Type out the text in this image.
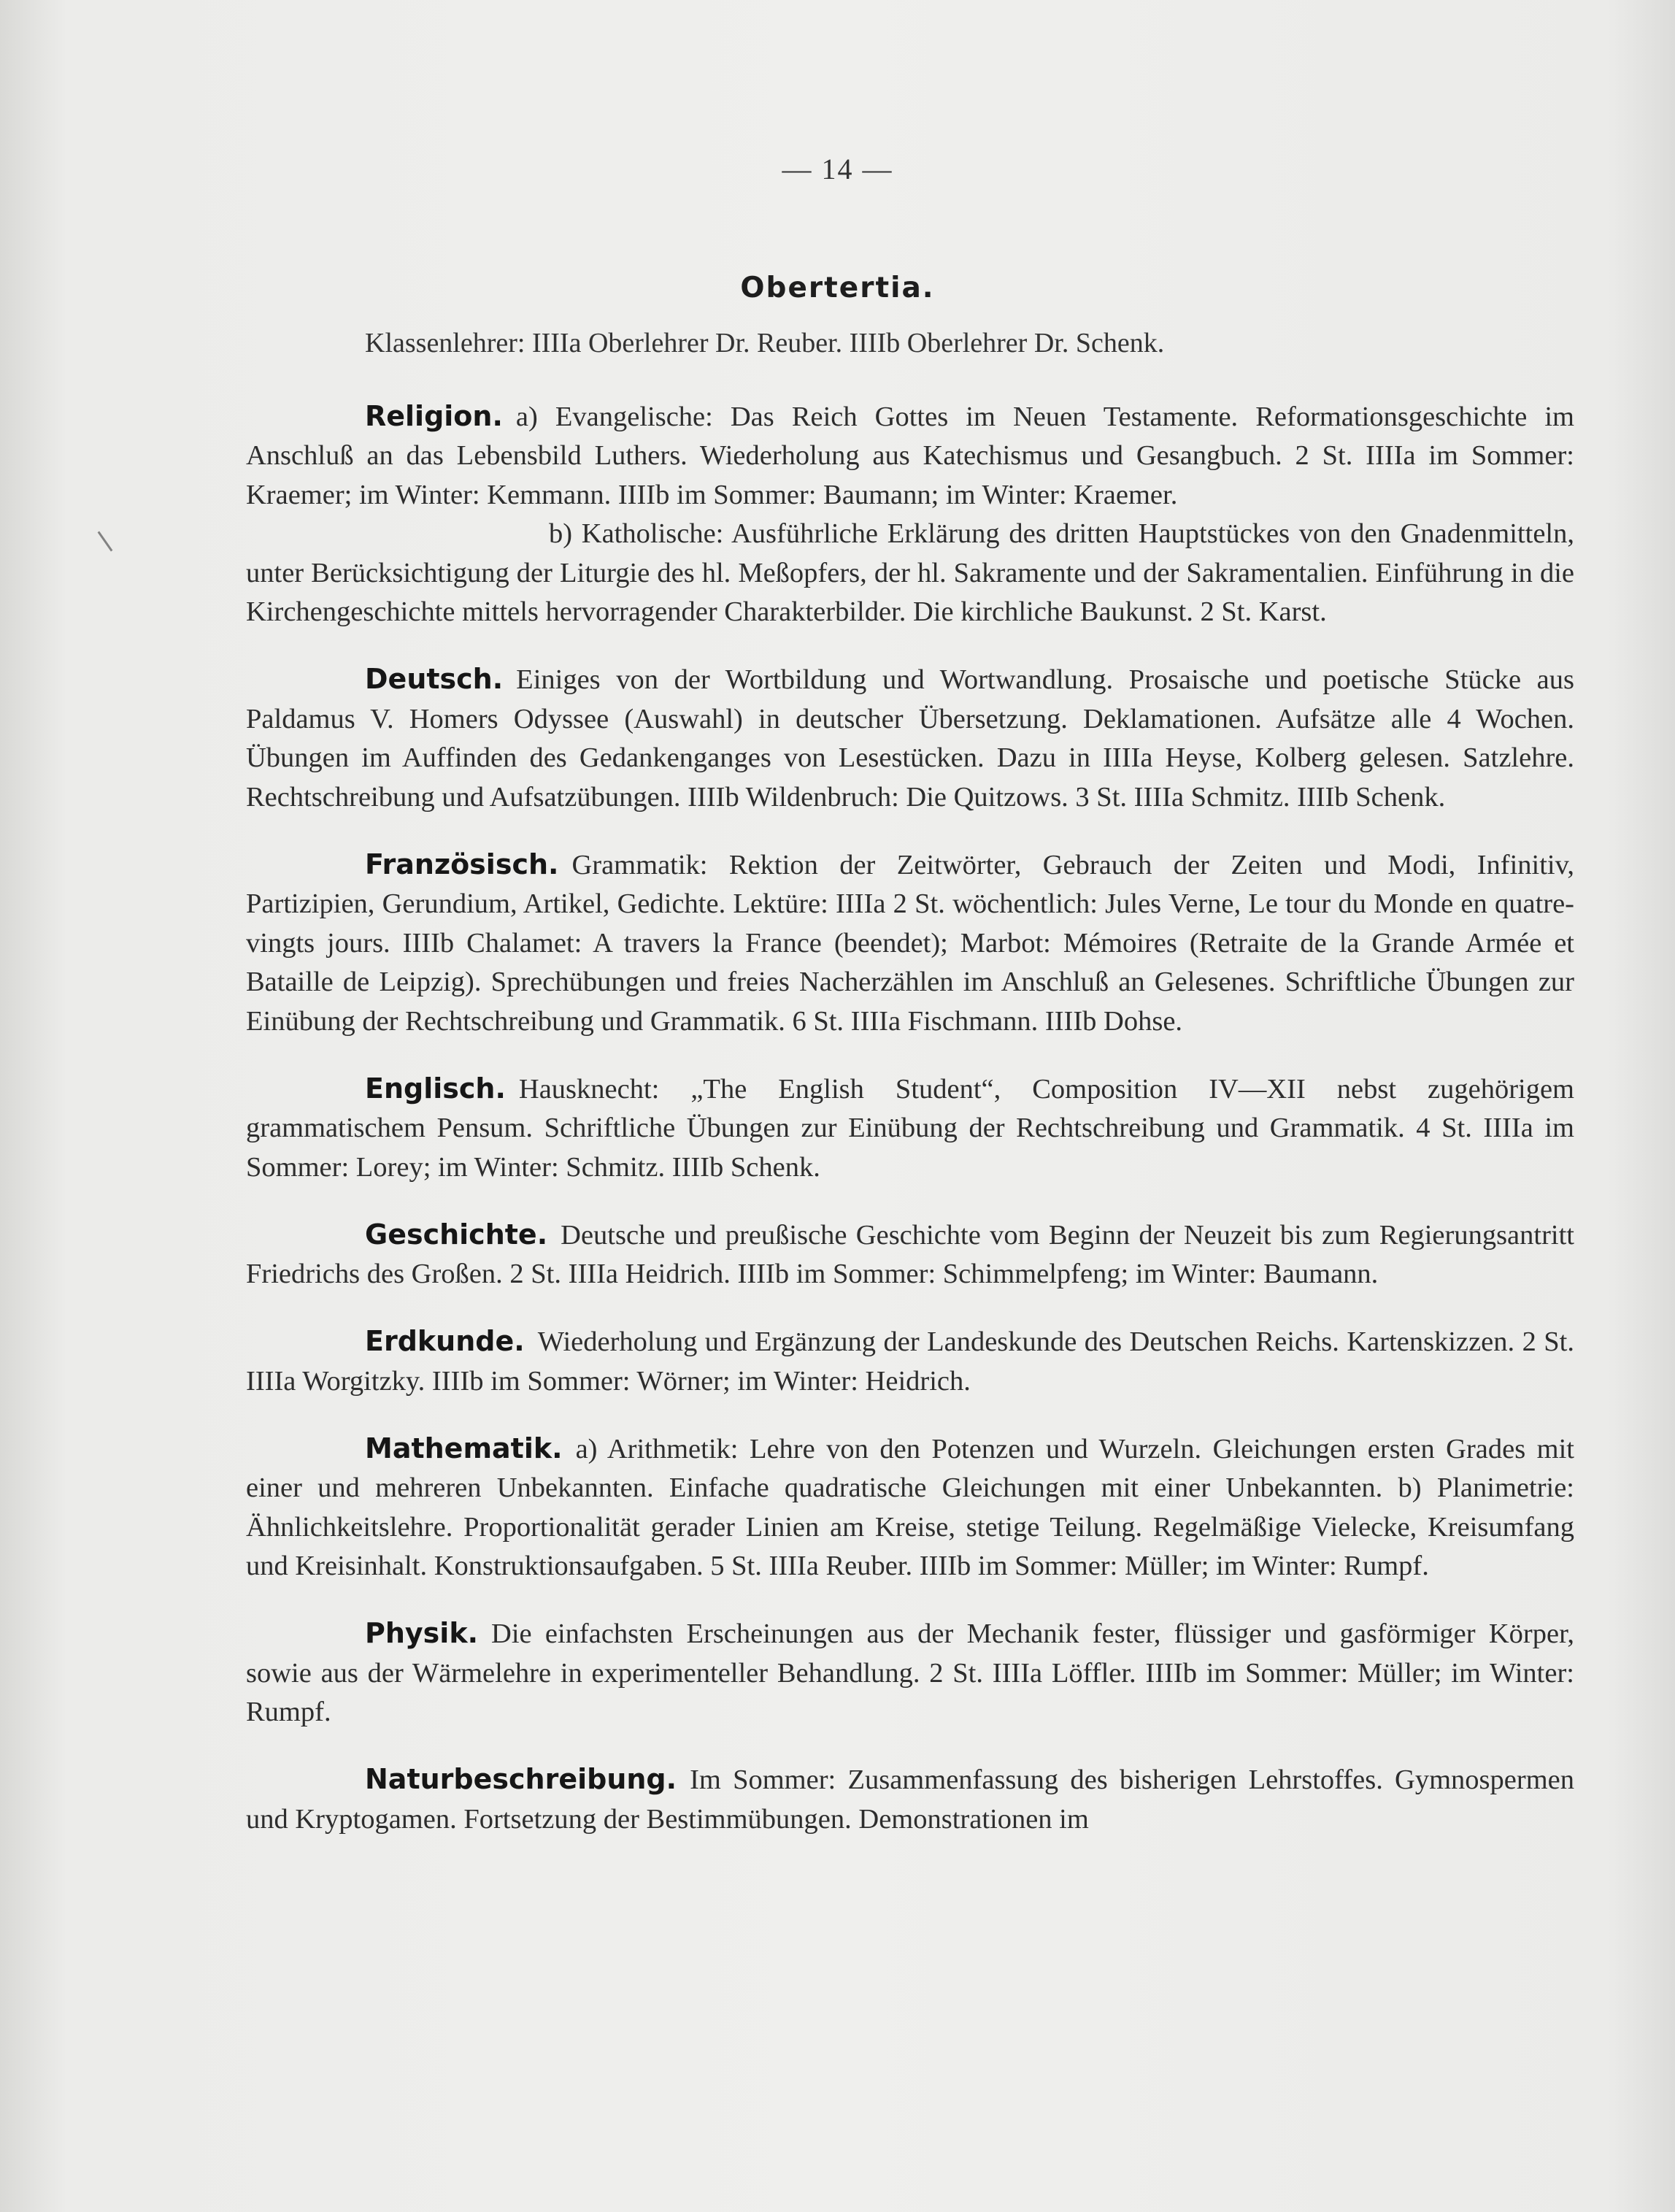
— 14 —
Obertertia.
Klassenlehrer: IIIIa Oberlehrer Dr. Reuber. IIIIb Oberlehrer Dr. Schenk.

Religion. a) Evangelische: Das Reich Gottes im Neuen Testamente. Reformationsgeschichte im Anschluß an das Lebensbild Luthers. Wiederholung aus Katechismus und Gesangbuch. 2 St. IIIIa im Sommer: Kraemer; im Winter: Kemmann. IIIIb im Sommer: Baumann; im Winter: Kraemer.

b) Katholische: Ausführliche Erklärung des dritten Hauptstückes von den Gnadenmitteln, unter Berücksichtigung der Liturgie des hl. Meßopfers, der hl. Sakramente und der Sakramentalien. Einführung in die Kirchengeschichte mittels hervorragender Charakterbilder. Die kirchliche Baukunst. 2 St. Karst.

Deutsch. Einiges von der Wortbildung und Wortwandlung. Prosaische und poetische Stücke aus Paldamus V. Homers Odyssee (Auswahl) in deutscher Übersetzung. Deklamationen. Aufsätze alle 4 Wochen. Übungen im Auffinden des Gedankenganges von Lesestücken. Dazu in IIIIa Heyse, Kolberg gelesen. Satzlehre. Rechtschreibung und Aufsatzübungen. IIIIb Wildenbruch: Die Quitzows. 3 St. IIIIa Schmitz. IIIIb Schenk.

Französisch. Grammatik: Rektion der Zeitwörter, Gebrauch der Zeiten und Modi, Infinitiv, Partizipien, Gerundium, Artikel, Gedichte. Lektüre: IIIIa 2 St. wöchentlich: Jules Verne, Le tour du Monde en quatre-vingts jours. IIIIb Chalamet: A travers la France (beendet); Marbot: Mémoires (Retraite de la Grande Armée et Bataille de Leipzig). Sprechübungen und freies Nacherzählen im Anschluß an Gelesenes. Schriftliche Übungen zur Einübung der Rechtschreibung und Grammatik. 6 St. IIIIa Fischmann. IIIIb Dohse.

Englisch. Hausknecht: „The English Student“, Composition IV—XII nebst zugehörigem grammatischem Pensum. Schriftliche Übungen zur Einübung der Rechtschreibung und Grammatik. 4 St. IIIIa im Sommer: Lorey; im Winter: Schmitz. IIIIb Schenk.

Geschichte. Deutsche und preußische Geschichte vom Beginn der Neuzeit bis zum Regierungsantritt Friedrichs des Großen. 2 St. IIIIa Heidrich. IIIIb im Sommer: Schimmelpfeng; im Winter: Baumann.

Erdkunde. Wiederholung und Ergänzung der Landeskunde des Deutschen Reichs. Kartenskizzen. 2 St. IIIIa Worgitzky. IIIIb im Sommer: Wörner; im Winter: Heidrich.

Mathematik. a) Arithmetik: Lehre von den Potenzen und Wurzeln. Gleichungen ersten Grades mit einer und mehreren Unbekannten. Einfache quadratische Gleichungen mit einer Unbekannten. b) Planimetrie: Ähnlichkeitslehre. Proportionalität gerader Linien am Kreise, stetige Teilung. Regelmäßige Vielecke, Kreisumfang und Kreisinhalt. Konstruktionsaufgaben. 5 St. IIIIa Reuber. IIIIb im Sommer: Müller; im Winter: Rumpf.

Physik. Die einfachsten Erscheinungen aus der Mechanik fester, flüssiger und gasförmiger Körper, sowie aus der Wärmelehre in experimenteller Behandlung. 2 St. IIIIa Löffler. IIIIb im Sommer: Müller; im Winter: Rumpf.

Naturbeschreibung. Im Sommer: Zusammenfassung des bisherigen Lehrstoffes. Gymnospermen und Kryptogamen. Fortsetzung der Bestimmübungen. Demonstrationen im
